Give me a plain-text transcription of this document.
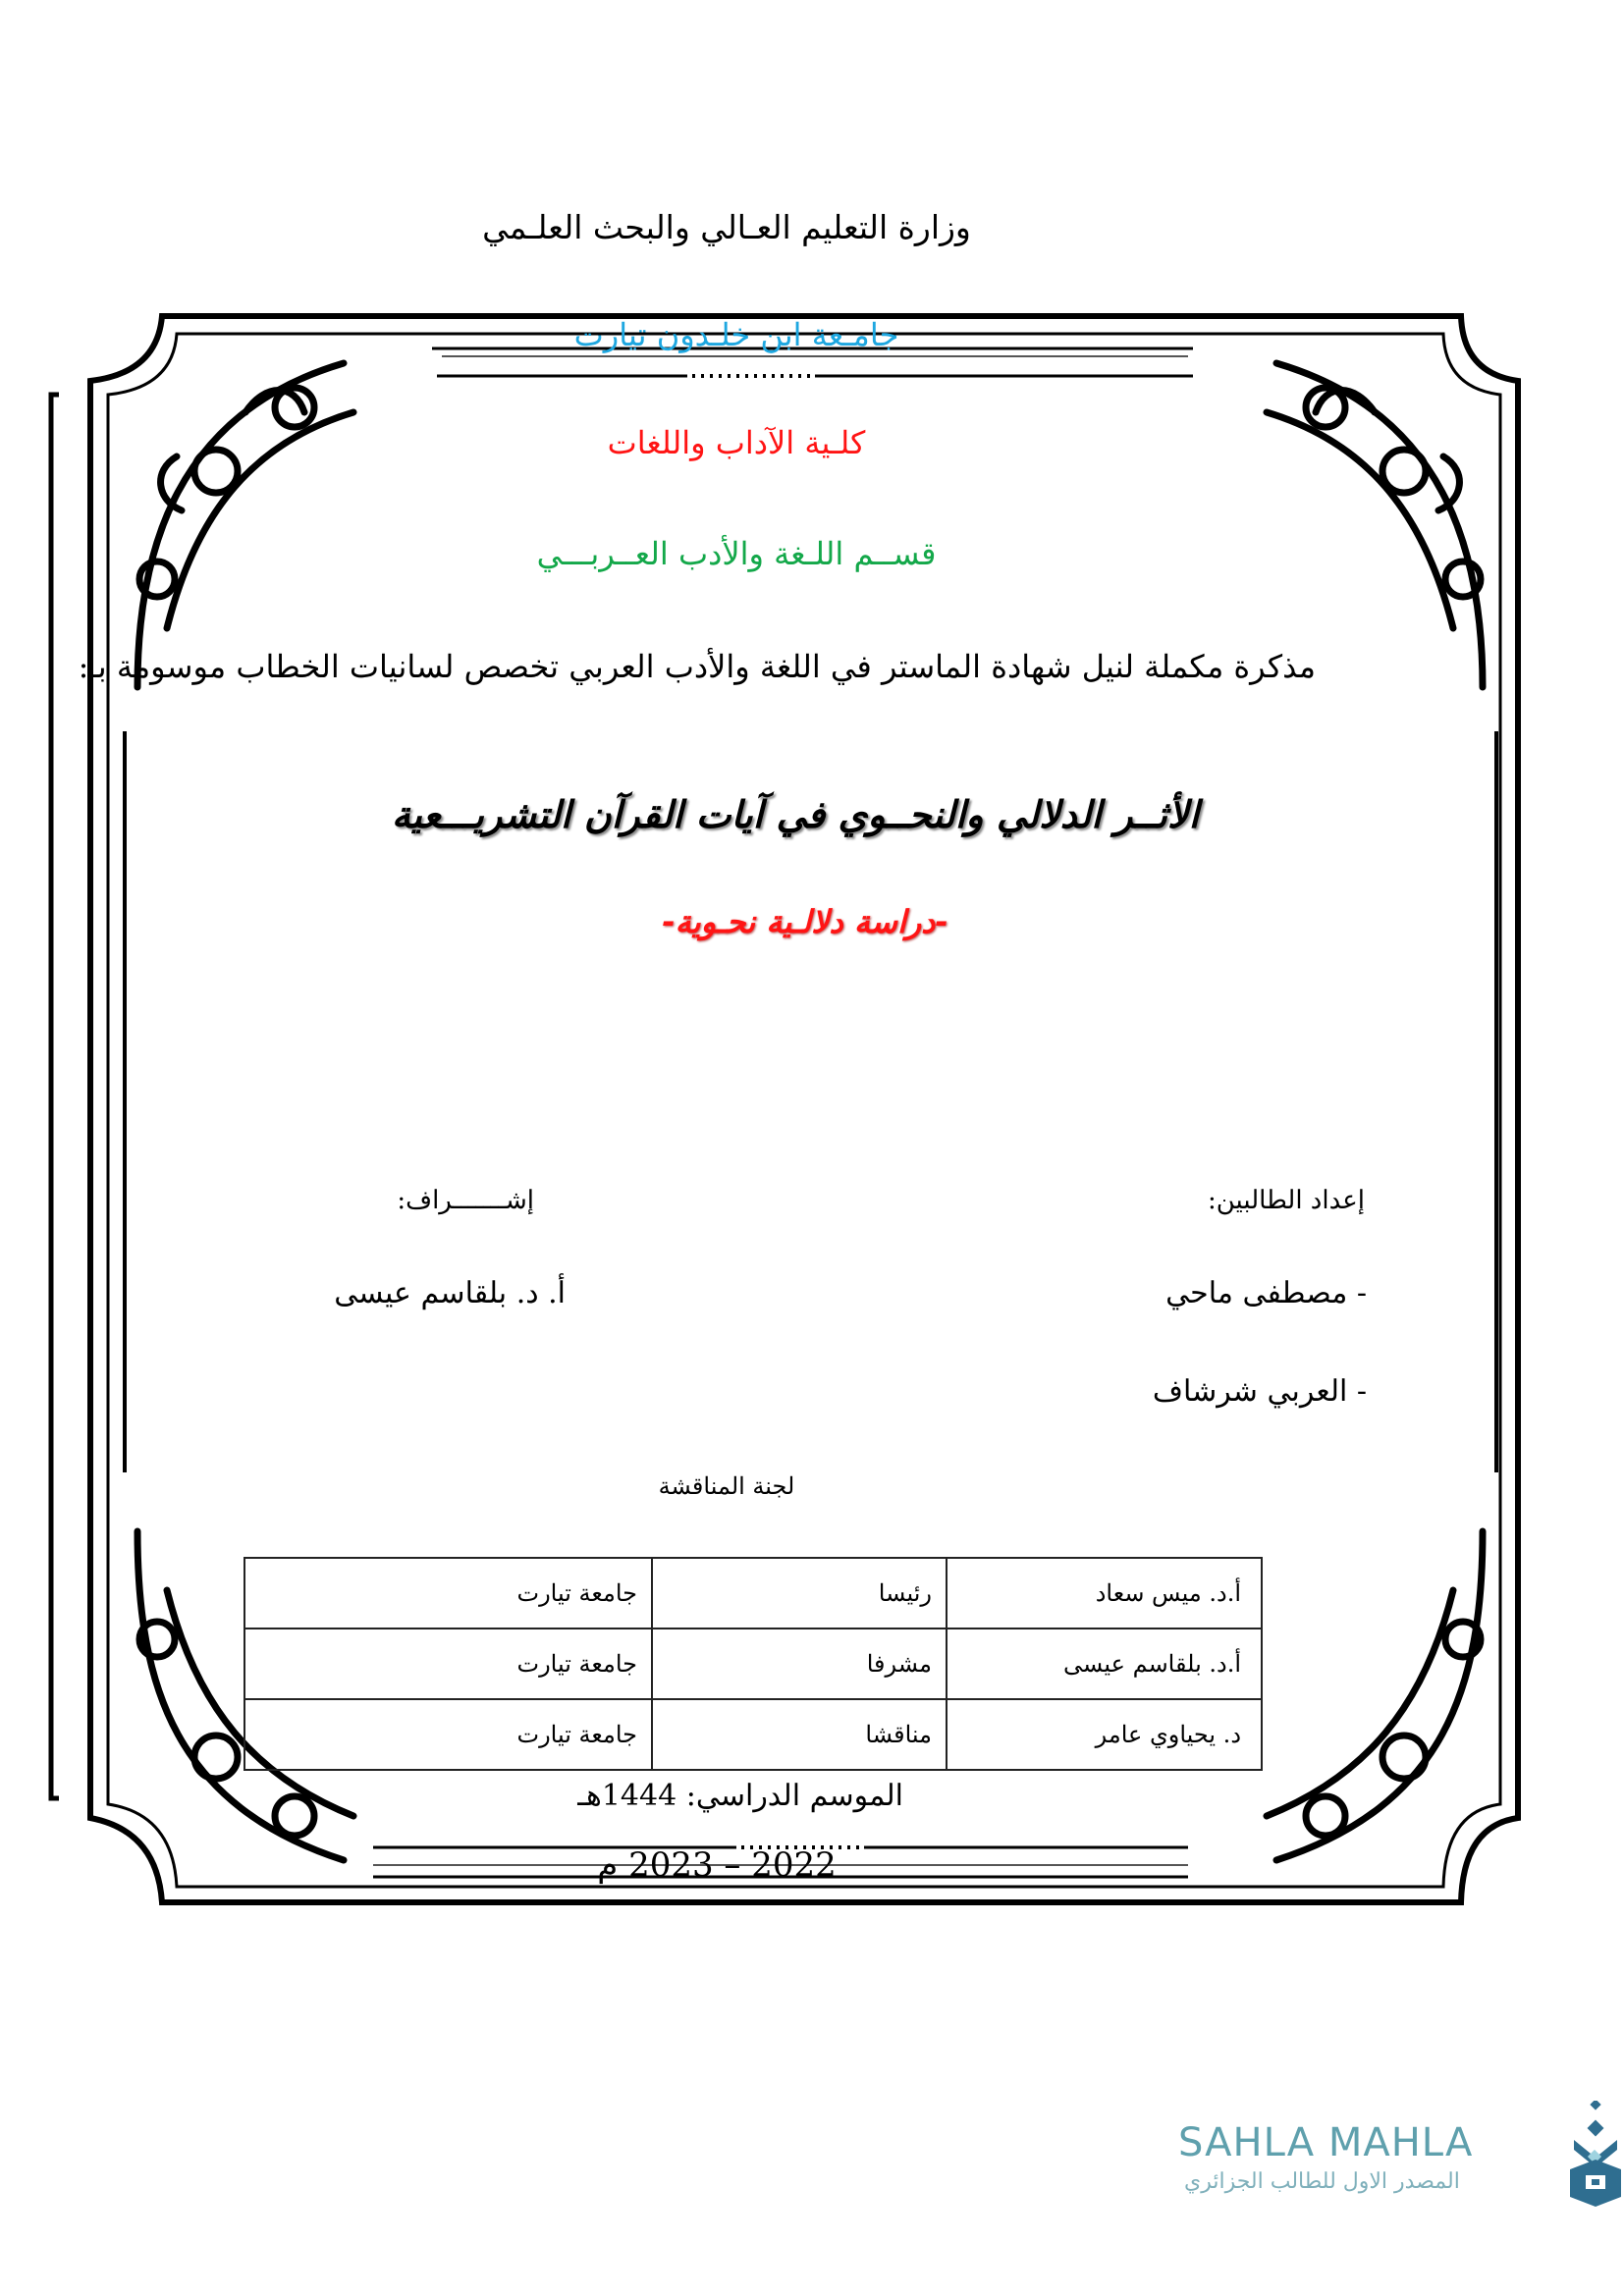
وزارة التعليم العـالي والبحث العلـمي
جامـعة ابن خلـدون تيارت
كلـية الآداب واللغات
قســم اللـغة والأدب العــربـــي
مذكرة مكملة لنيل شهادة الماستر في اللغة والأدب العربي تخصص لسانيات الخطاب موسومة بـ:
الأثــر الدلالي والنحــوي في آيات القرآن التشريـــعية
-دراسة دلالـية نحـوية-
إعداد الطالبين:
إشـــــــراف:
- مصطفى ماحي
- العربي شرشاف
أ. د. بلقاسم عيسى
لجنة المناقشة
أ.د. ميس سعاد	رئيسا	جامعة تيارت
أ.د. بلقاسم عيسى	مشرفا	جامعة تيارت
د. يحياوي عامر	مناقشا	جامعة تيارت
الموسم الدراسي: 1444هـ
2022 – 2023 م
SAHLA MAHLA
المصدر الاول للطالب الجزائري
